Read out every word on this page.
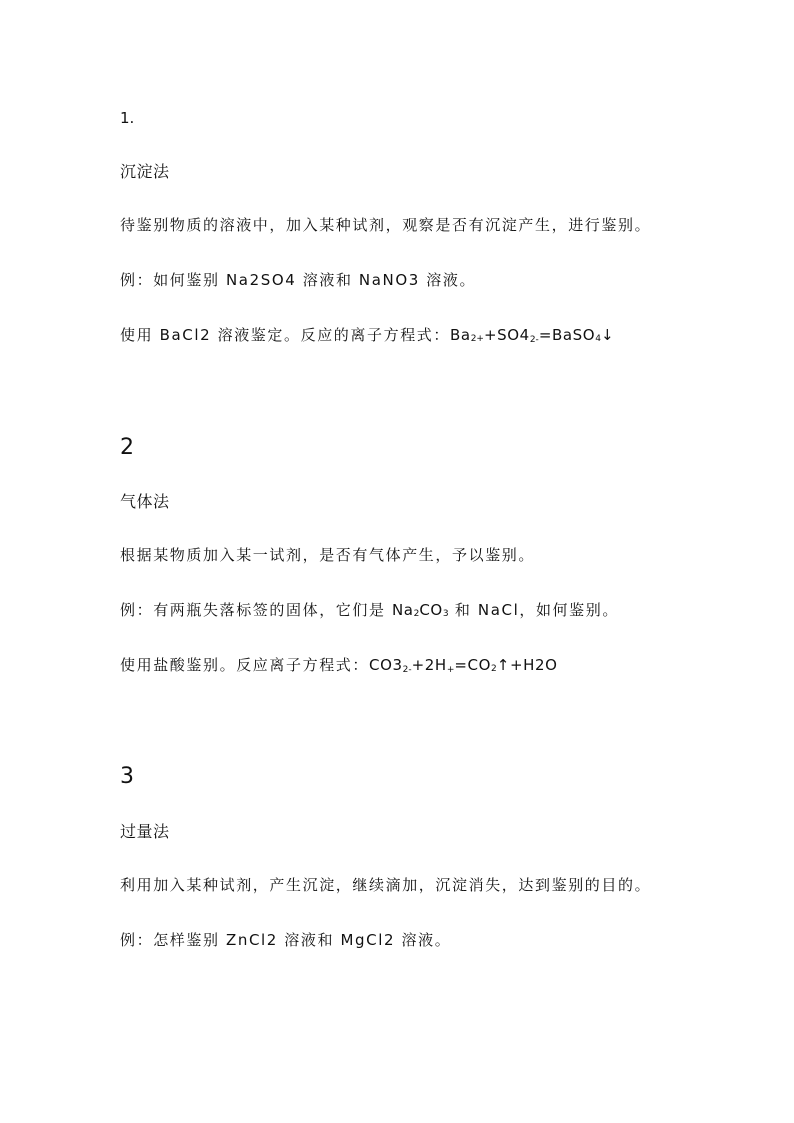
1.
沉淀法
待鉴别物质的溶液中，加入某种试剂，观察是否有沉淀产生，进行鉴别。
例：如何鉴别 Na2SO4 溶液和 NaNO3 溶液。
使用 BaCl2 溶液鉴定。反应的离子方程式：Ba2++SO42-=BaSO4↓
2
气体法
根据某物质加入某一试剂，是否有气体产生，予以鉴别。
例：有两瓶失落标签的固体，它们是 Na2CO3 和 NaCl，如何鉴别。
使用盐酸鉴别。反应离子方程式：CO32-+2H+=CO2↑+H2O
3
过量法
利用加入某种试剂，产生沉淀，继续滴加，沉淀消失，达到鉴别的目的。
例：怎样鉴别 ZnCl2 溶液和 MgCl2 溶液。
